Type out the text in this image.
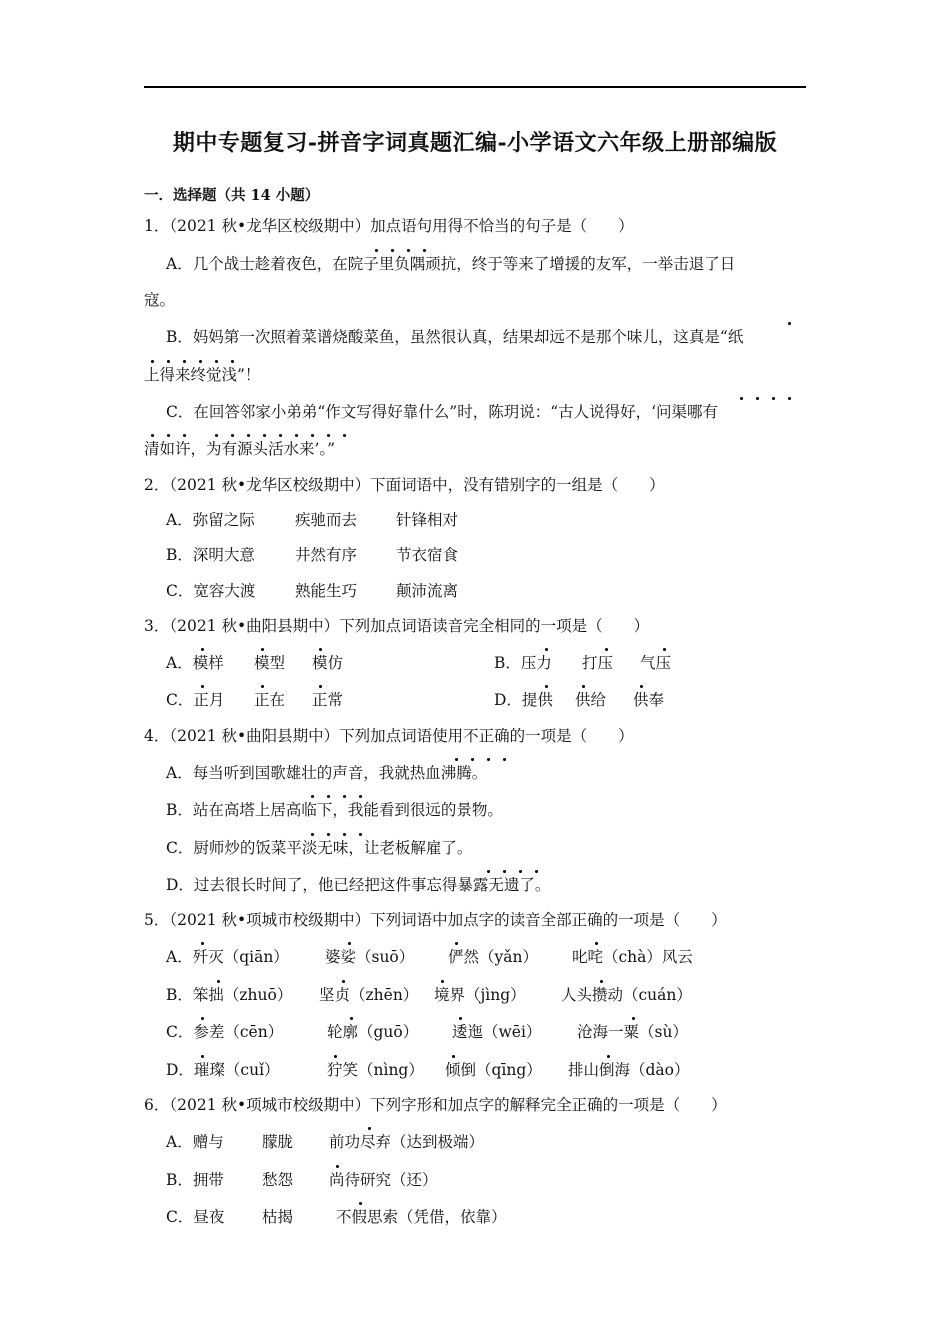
期中专题复习-拼音字词真题汇编-小学语文六年级上册部编版
一．选择题（共 14 小题）
1．（2021 秋•龙华区校级期中）加点语句用得不恰当的句子是（　　）
A．几个战士趁着夜色，在院子里负隅顽抗，终于等来了增援的友军，一举击退了日
寇。
B．妈妈第一次照着菜谱烧酸菜鱼，虽然很认真，结果却远不是那个味儿，这真是“纸
上得来终觉浅”！
C．在回答邻家小弟弟“作文写得好靠什么”时，陈玥说：“古人说得好，‘问渠哪有
清如许，为有源头活水来’。”
2．（2021 秋•龙华区校级期中）下面词语中，没有错别字的一组是（　　）
A．弥留之际	疾驰而去	针锋相对
B．深明大意	井然有序	节衣宿食
C．宽容大渡	熟能生巧	颠沛流离
3．（2021 秋•曲阳县期中）下列加点词语读音完全相同的一项是（　　）
A．模样 模型 模仿	B．压力 打压 气压
C．正月 正在 正常	D．提供 供给 供奉
4．（2021 秋•曲阳县期中）下列加点词语使用不正确的一项是（　　）
A．每当听到国歌雄壮的声音，我就热血沸腾。
B．站在高塔上居高临下，我能看到很远的景物。
C．厨师炒的饭菜平淡无味，让老板解雇了。
D．过去很长时间了，他已经把这件事忘得暴露无遗了。
5．（2021 秋•项城市校级期中）下列词语中加点字的读音全部正确的一项是（　　）
A．歼灭（qiān） 婆娑（suō） 俨然（yǎn） 叱咤（chà）风云
B．笨拙（zhuō） 坚贞（zhēn） 境界（jìng） 人头攒动（cuán）
C．参差（cēn）	轮廓（guō） 逶迤（wēi） 沧海一粟（sù）
D．璀璨（cuǐ）	狞笑（nìng） 倾倒（qīng） 排山倒海（dào）
6．（2021 秋•项城市校级期中）下列字形和加点字的解释完全正确的一项是（　　）
A．赠与 朦胧 前功尽弃（达到极端）
B．拥带 愁怨 尚待研究（还）
C．昼夜 枯揭	不假思索（凭借，依靠）
